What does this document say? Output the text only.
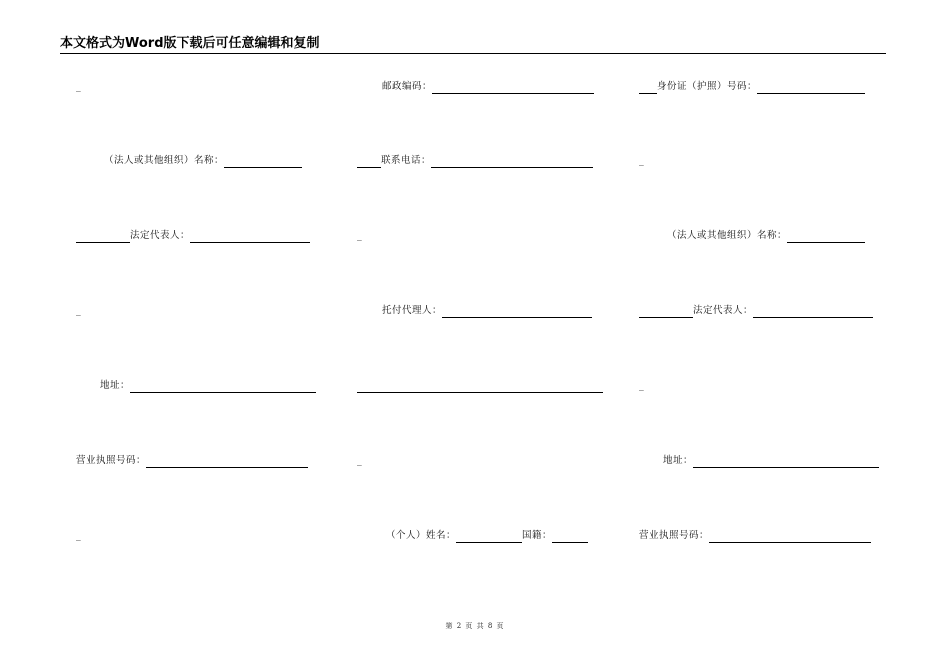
本文格式为Word版下载后可任意编辑和复制
_
（法人或其他组织）名称：
法定代表人：
_
地址：
营业执照号码：
_
邮政编码：
联系电话：
_
托付代理人：
_
（个人）姓名：	国籍：
身份证（护照）号码：
_
（法人或其他组织）名称：
法定代表人：
_
地址：
营业执照号码：
第 2 页 共 8 页
